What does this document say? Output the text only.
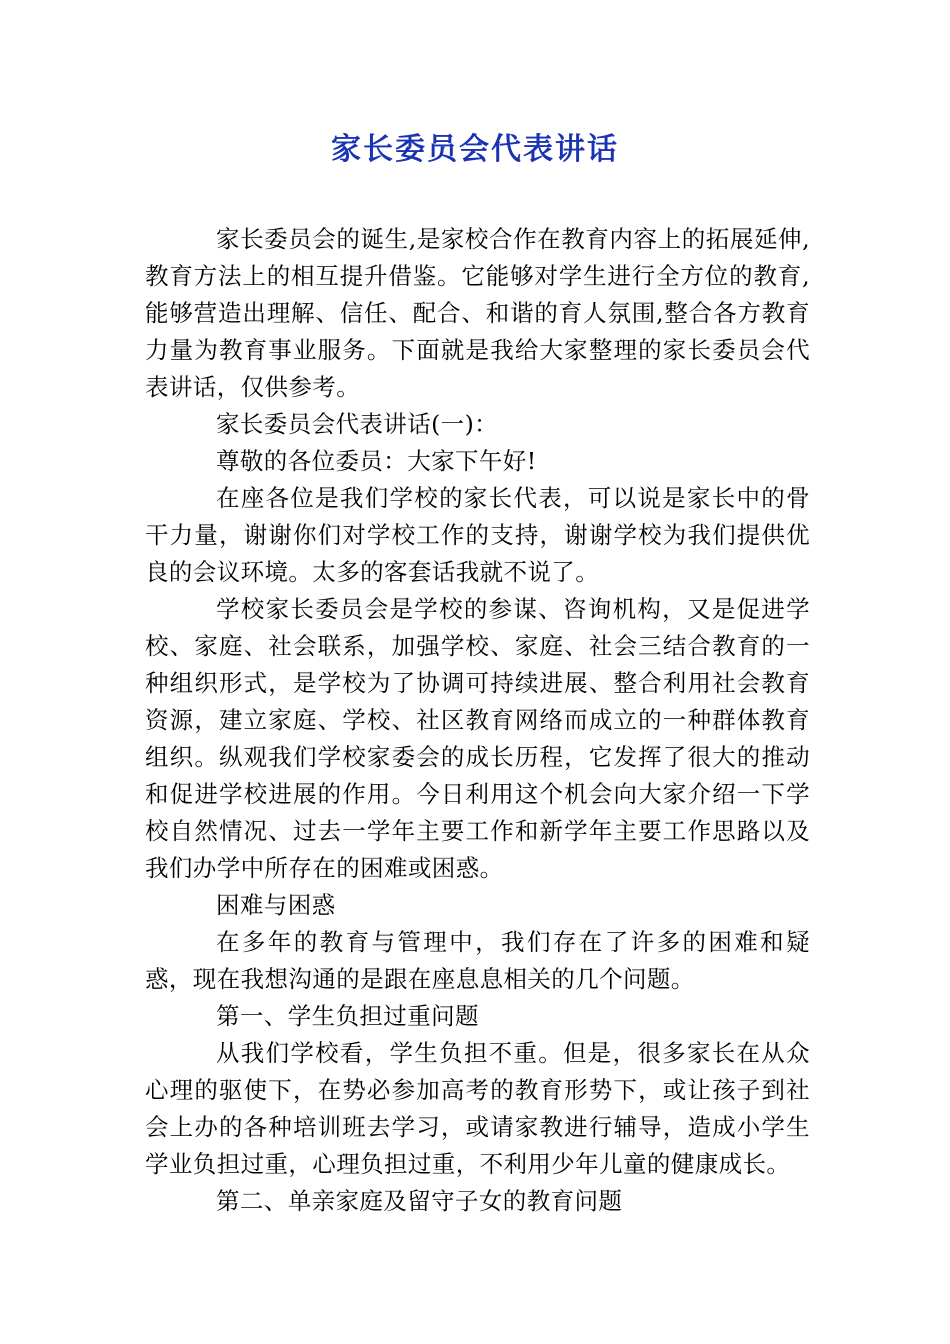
家长委员会代表讲话

家长委员会的诞生,是家校合作在教育内容上的拓展延伸,教育方法上的相互提升借鉴。它能够对学生进行全方位的教育,能够营造出理解、信任、配合、和谐的育人氛围,整合各方教育力量为教育事业服务。下面就是我给大家整理的家长委员会代表讲话，仅供参考。

家长委员会代表讲话(一)：

尊敬的各位委员：大家下午好!

在座各位是我们学校的家长代表，可以说是家长中的骨干力量，谢谢你们对学校工作的支持，谢谢学校为我们提供优良的会议环境。太多的客套话我就不说了。

学校家长委员会是学校的参谋、咨询机构，又是促进学校、家庭、社会联系，加强学校、家庭、社会三结合教育的一种组织形式，是学校为了协调可持续进展、整合利用社会教育资源，建立家庭、学校、社区教育网络而成立的一种群体教育组织。纵观我们学校家委会的成长历程，它发挥了很大的推动和促进学校进展的作用。今日利用这个机会向大家介绍一下学校自然情况、过去一学年主要工作和新学年主要工作思路以及我们办学中所存在的困难或困惑。

困难与困惑

在多年的教育与管理中，我们存在了许多的困难和疑惑，现在我想沟通的是跟在座息息相关的几个问题。

第一、学生负担过重问题

从我们学校看，学生负担不重。但是，很多家长在从众心理的驱使下，在势必参加高考的教育形势下，或让孩子到社会上办的各种培训班去学习，或请家教进行辅导，造成小学生学业负担过重，心理负担过重，不利用少年儿童的健康成长。

第二、单亲家庭及留守子女的教育问题
